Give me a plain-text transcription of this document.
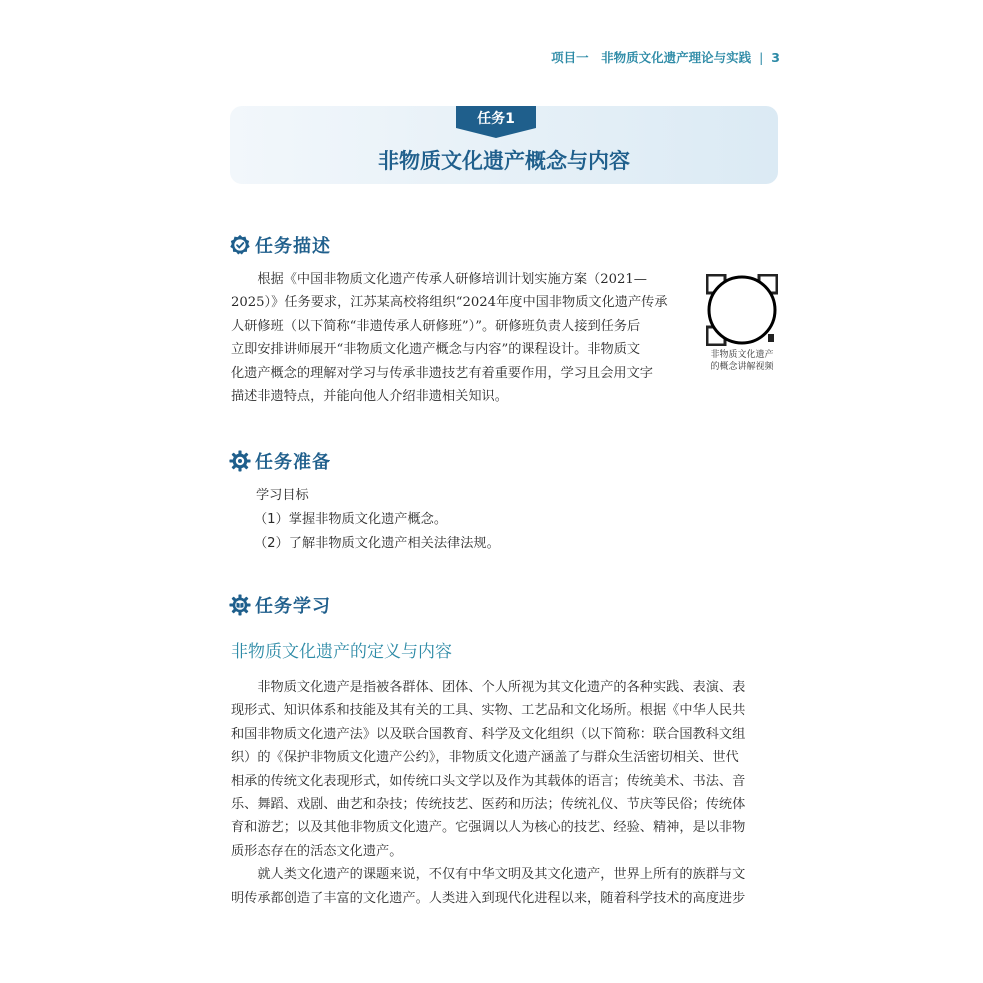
项目一　非物质文化遗产理论与实践 | 3
任务1
非物质文化遗产概念与内容
任务描述
　　根据《中国非物质文化遗产传承人研修培训计划实施方案（2021—
2025）》任务要求，江苏某高校将组织“2024年度中国非物质文化遗产传承
人研修班（以下简称“非遗传承人研修班”）”。研修班负责人接到任务后
立即安排讲师展开“非物质文化遗产概念与内容”的课程设计。非物质文
化遗产概念的理解对学习与传承非遗技艺有着重要作用，学习且会用文字
描述非遗特点，并能向他人介绍非遗相关知识。
非物质文化遗产
的概念讲解视频
任务准备
学习目标
（1）掌握非物质文化遗产概念。
（2）了解非物质文化遗产相关法律法规。
任务学习
非物质文化遗产的定义与内容
　　非物质文化遗产是指被各群体、团体、个人所视为其文化遗产的各种实践、表演、表
现形式、知识体系和技能及其有关的工具、实物、工艺品和文化场所。根据《中华人民共
和国非物质文化遗产法》以及联合国教育、科学及文化组织（以下简称：联合国教科文组
织）的《保护非物质文化遗产公约》，非物质文化遗产涵盖了与群众生活密切相关、世代
相承的传统文化表现形式，如传统口头文学以及作为其载体的语言；传统美术、书法、音
乐、舞蹈、戏剧、曲艺和杂技；传统技艺、医药和历法；传统礼仪、节庆等民俗；传统体
育和游艺；以及其他非物质文化遗产。它强调以人为核心的技艺、经验、精神，是以非物
质形态存在的活态文化遗产。
　　就人类文化遗产的课题来说，不仅有中华文明及其文化遗产，世界上所有的族群与文
明传承都创造了丰富的文化遗产。人类进入到现代化进程以来，随着科学技术的高度进步
